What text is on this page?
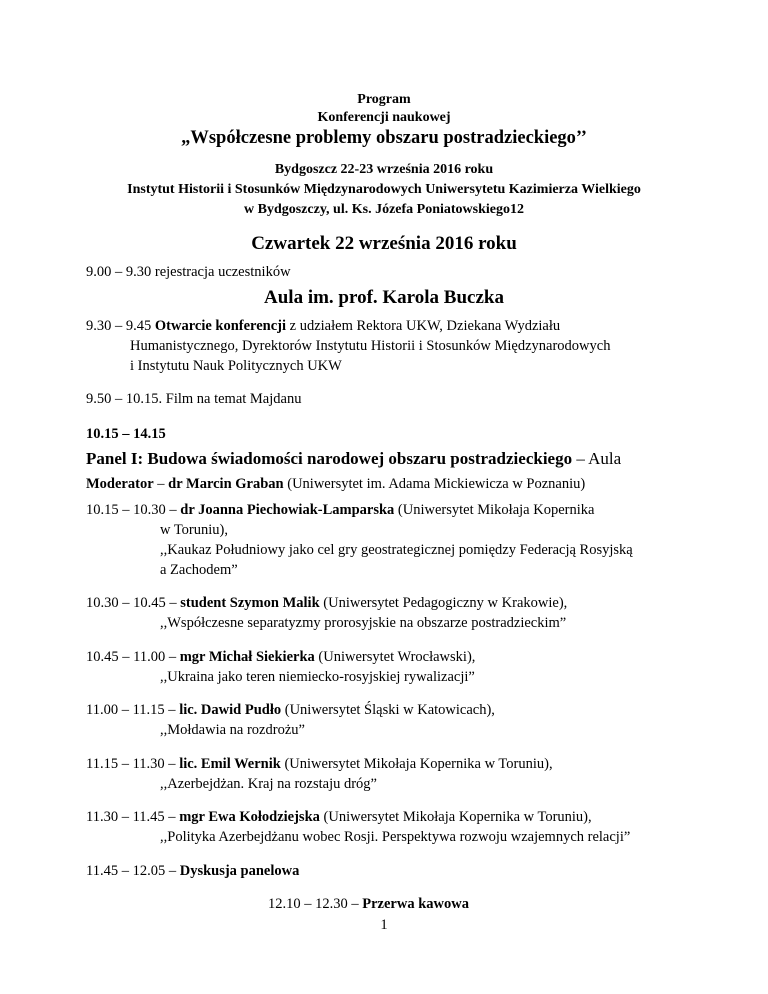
Program
Konferencji naukowej
„Współczesne problemy obszaru postradzieckiego’’
Bydgoszcz 22-23 września 2016 roku
Instytut Historii i Stosunków Międzynarodowych Uniwersytetu Kazimierza Wielkiego
w Bydgoszczy, ul. Ks. Józefa Poniatowskiego12
Czwartek 22 września 2016 roku
9.00 – 9.30 rejestracja uczestników
Aula im. prof. Karola Buczka
9.30 – 9.45 Otwarcie konferencji z udziałem Rektora UKW, Dziekana Wydziału
Humanistycznego, Dyrektorów Instytutu Historii i Stosunków Międzynarodowych
i Instytutu Nauk Politycznych UKW
9.50 – 10.15. Film na temat Majdanu
10.15 – 14.15
Panel I: Budowa świadomości narodowej obszaru postradzieckiego – Aula
Moderator – dr Marcin Graban (Uniwersytet im. Adama Mickiewicza w Poznaniu)
10.15 – 10.30 – dr Joanna Piechowiak-Lamparska (Uniwersytet Mikołaja Kopernika
w Toruniu),
,,Kaukaz Południowy jako cel gry geostrategicznej pomiędzy Federacją Rosyjską
a Zachodem”
10.30 – 10.45 – student Szymon Malik (Uniwersytet Pedagogiczny w Krakowie),
,,Współczesne separatyzmy prorosyjskie na obszarze postradzieckim”
10.45 – 11.00 – mgr Michał Siekierka (Uniwersytet Wrocławski),
,,Ukraina jako teren niemiecko-rosyjskiej rywalizacji”
11.00 – 11.15 – lic. Dawid Pudło (Uniwersytet Śląski w Katowicach),
,,Mołdawia na rozdrożu”
11.15 – 11.30 – lic. Emil Wernik (Uniwersytet Mikołaja Kopernika w Toruniu),
,,Azerbejdżan. Kraj na rozstaju dróg”
11.30 – 11.45 – mgr Ewa Kołodziejska (Uniwersytet Mikołaja Kopernika w Toruniu),
,,Polityka Azerbejdżanu wobec Rosji. Perspektywa rozwoju wzajemnych relacji”
11.45 – 12.05 – Dyskusja panelowa
12.10 – 12.30 – Przerwa kawowa
1
